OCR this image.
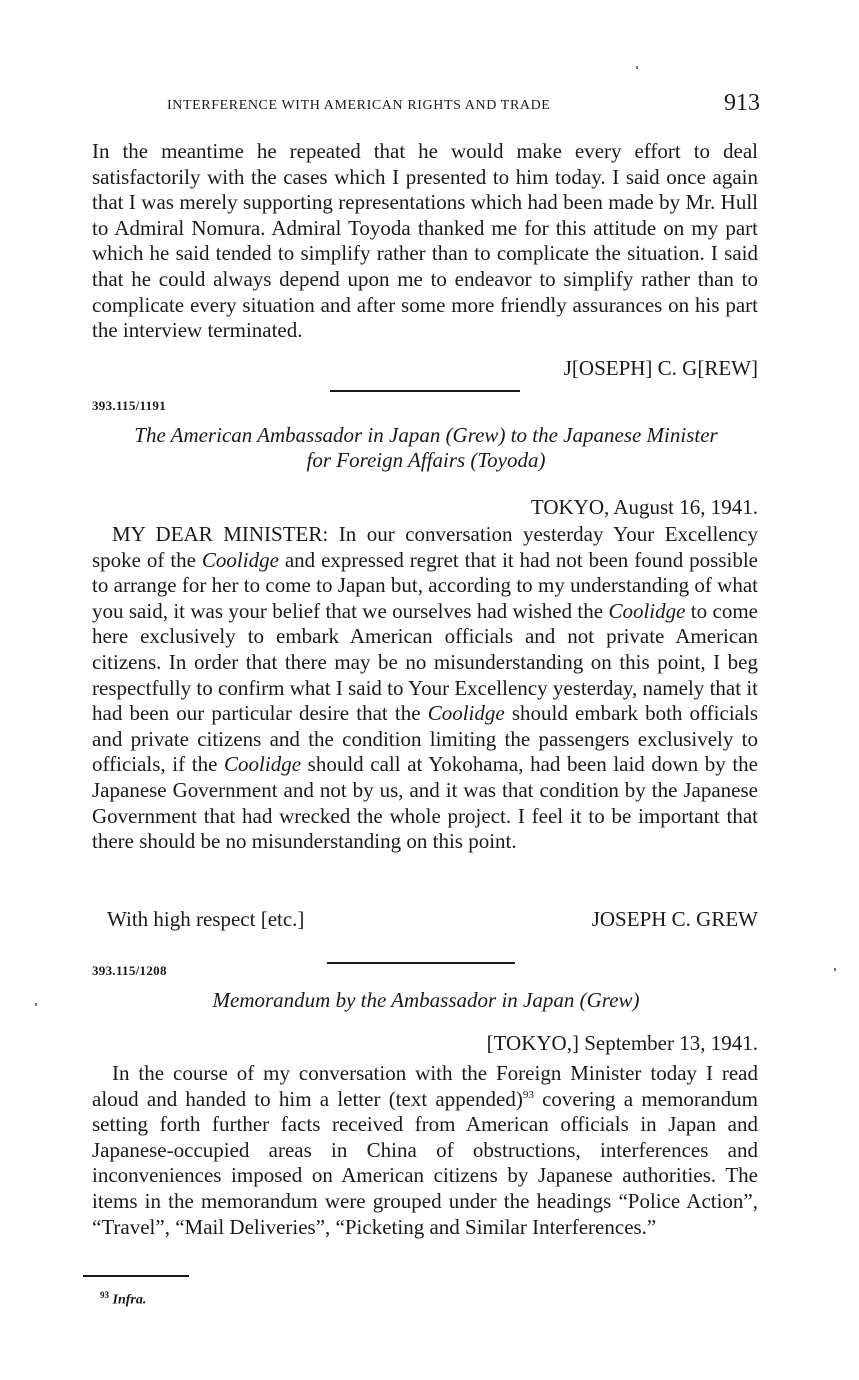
INTERFERENCE WITH AMERICAN RIGHTS AND TRADE	913

In the meantime he repeated that he would make every effort to deal satisfactorily with the cases which I presented to him today. I said once again that I was merely supporting representations which had been made by Mr. Hull to Admiral Nomura. Admiral Toyoda thanked me for this attitude on my part which he said tended to simplify rather than to complicate the situation. I said that he could always depend upon me to endeavor to simplify rather than to complicate every situation and after some more friendly assurances on his part the interview terminated.

J[OSEPH] C. G[REW]
393.115/1191
The American Ambassador in Japan (Grew) to the Japanese Minister
for Foreign Affairs (Toyoda)
TOKYO, August 16, 1941.

MY DEAR MINISTER: In our conversation yesterday Your Excellency spoke of the Coolidge and expressed regret that it had not been found possible to arrange for her to come to Japan but, according to my understanding of what you said, it was your belief that we ourselves had wished the Coolidge to come here exclusively to embark American officials and not private American citizens. In order that there may be no misunderstanding on this point, I beg respectfully to confirm what I said to Your Excellency yesterday, namely that it had been our particular desire that the Coolidge should embark both officials and private citizens and the condition limiting the passengers exclusively to officials, if the Coolidge should call at Yokohama, had been laid down by the Japanese Government and not by us, and it was that condition by the Japanese Government that had wrecked the whole project. I feel it to be important that there should be no misunderstanding on this point.

With high respect [etc.]	JOSEPH C. GREW
393.115/1208
Memorandum by the Ambassador in Japan (Grew)
[TOKYO,] September 13, 1941.

In the course of my conversation with the Foreign Minister today I read aloud and handed to him a letter (text appended)$^{93}$ covering a memorandum setting forth further facts received from American officials in Japan and Japanese-occupied areas in China of obstructions, interferences and inconveniences imposed on American citizens by Japanese authorities. The items in the memorandum were grouped under the headings “Police Action”, “Travel”, “Mail Deliveries”, “Picketing and Similar Interferences.”

$^{93}$ Infra.
